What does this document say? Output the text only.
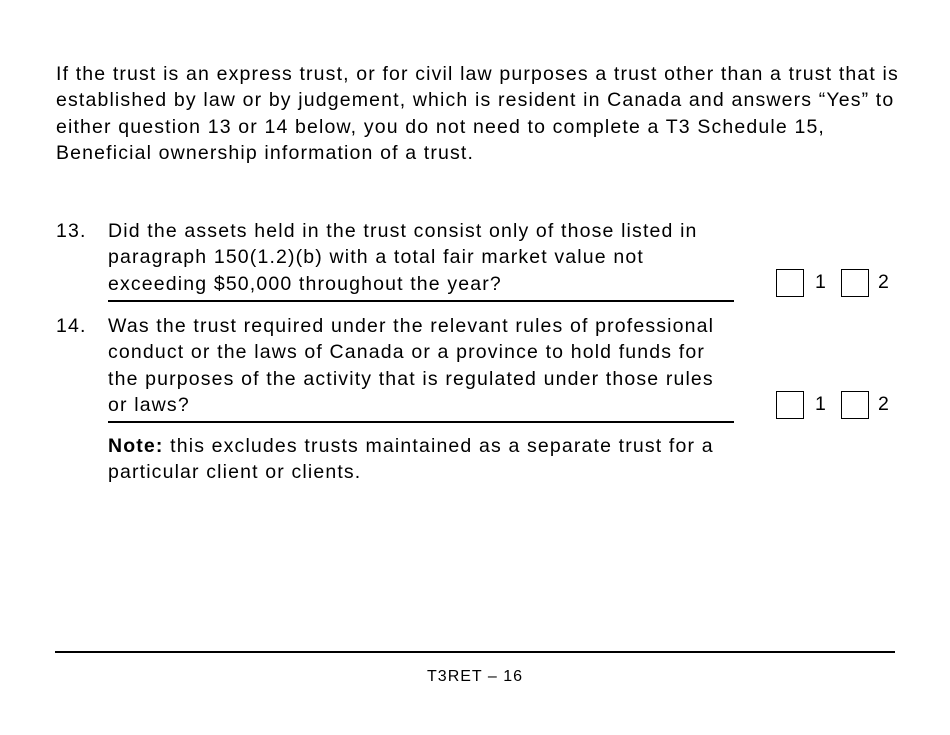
If the trust is an express trust, or for civil law purposes a trust other than a trust that is established by law or by judgement, which is resident in Canada and answers “Yes” to either question 13 or 14 below, you do not need to complete a T3 Schedule 15, Beneficial ownership information of a trust.

13. Did the assets held in the trust consist only of those listed in paragraph 150(1.2)(b) with a total fair market value not exceeding $50,000 throughout the year?	1	2
14. Was the trust required under the relevant rules of professional conduct or the laws of Canada or a province to hold funds for the purposes of the activity that is regulated under those rules or laws?	1	2

Note: this excludes trusts maintained as a separate trust for a particular client or clients.

T3RET – 16
